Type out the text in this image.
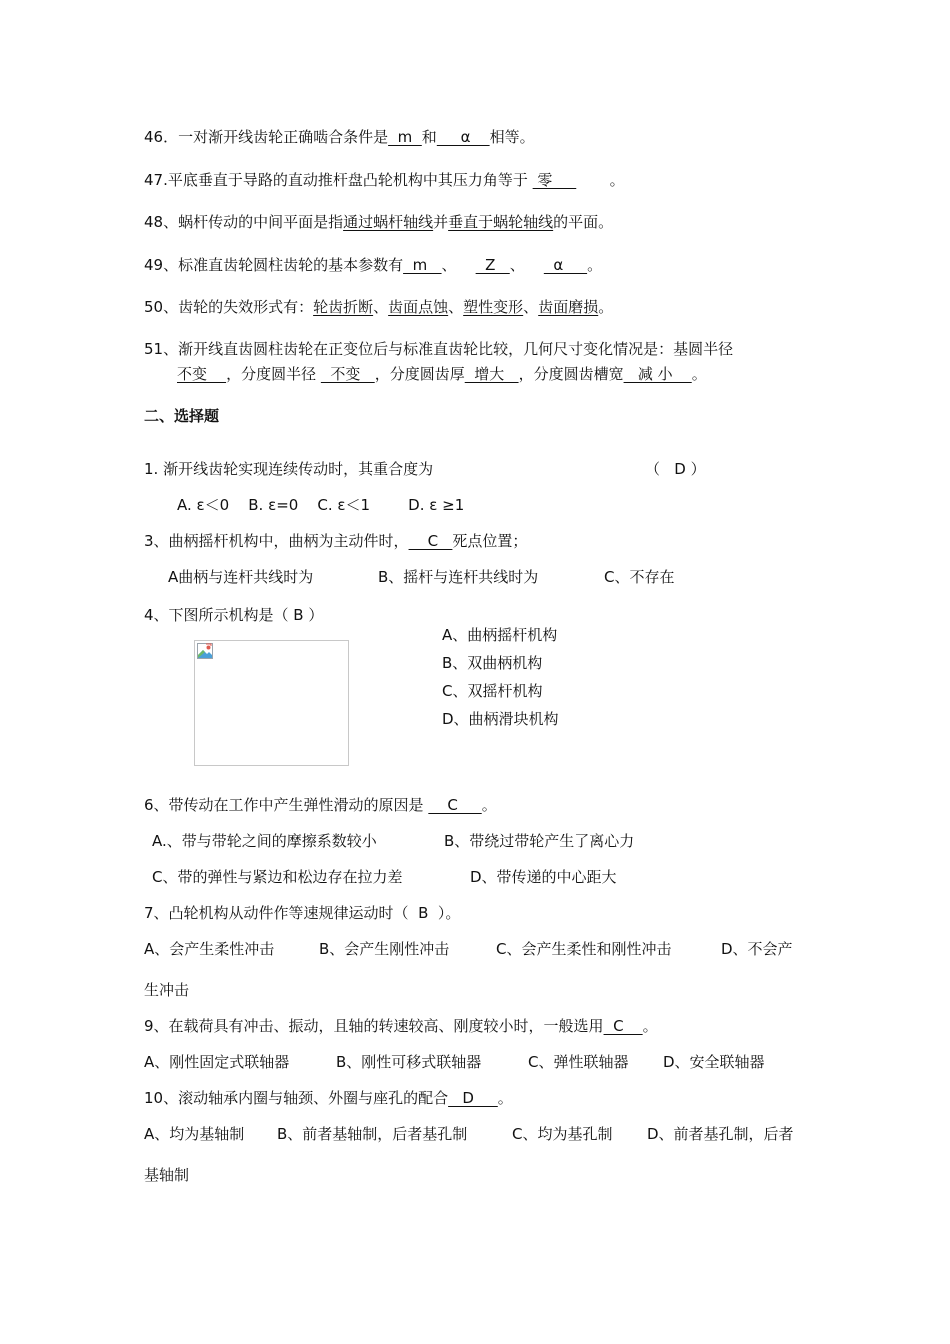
46．一对渐开线齿轮正确啮合条件是  m  和     α    相等。
47.平底垂直于导路的直动推杆盘凸轮机构中其压力角等于  零            。
48、蜗杆传动的中间平面是指通过蜗杆轴线并垂直于蜗轮轴线的平面。
49、标准直齿轮圆柱齿轮的基本参数有  m   、      Z   、      α     。
50、齿轮的失效形式有：轮齿折断、齿面点蚀、塑性变形、齿面磨损。
51、渐开线直齿圆柱齿轮在正变位后与标准直齿轮比较，几何尺寸变化情况是：基圆半径
不变    ，分度圆半径   不变   ，分度圆齿厚  增大   ，分度圆齿槽宽   减 小    。
二、选择题
1. 渐开线齿轮实现连续传动时，其重合度为	（   D ）
A. ε＜0    B. ε=0    C. ε＜1        D. ε ≥1
3、曲柄摇杆机构中，曲柄为主动件时，    C   死点位置；
A曲柄与连杆共线时为	B、摇杆与连杆共线时为	C、不存在
4、下图所示机构是（ B ）
A、曲柄摇杆机构
B、双曲柄机构
C、双摇杆机构
D、曲柄滑块机构
6、带传动在工作中产生弹性滑动的原因是     C     。
A.、带与带轮之间的摩擦系数较小	B、带绕过带轮产生了离心力
C、带的弹性与紧边和松边存在拉力差	D、带传递的中心距大
7、凸轮机构从动件作等速规律运动时（  B  ）。
A、会产生柔性冲击	B、会产生刚性冲击	C、会产生柔性和刚性冲击	D、不会产
生冲击
9、在载荷具有冲击、振动，且轴的转速较高、刚度较小时，一般选用  C    。
A、刚性固定式联轴器	B、刚性可移式联轴器	C、弹性联轴器 D、安全联轴器
10、滚动轴承内圈与轴颈、外圈与座孔的配合   D     。
A、均为基轴制 B、前者基轴制，后者基孔制	C、均为基孔制 D、前者基孔制，后者
基轴制
